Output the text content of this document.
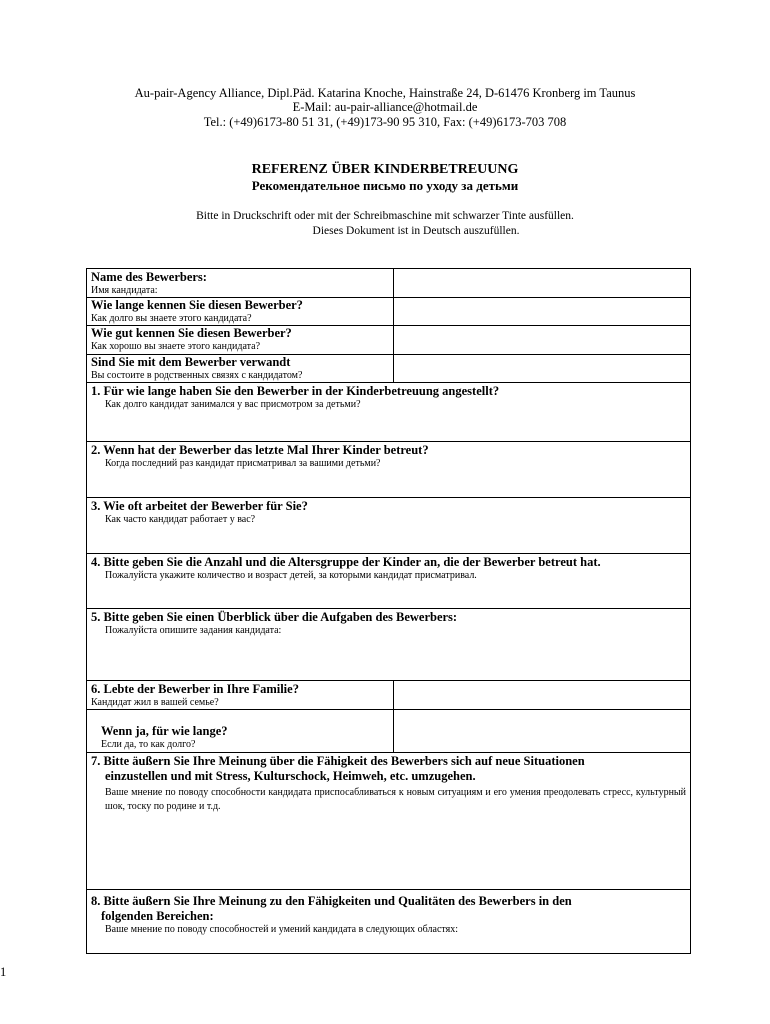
Au-pair-Agency Alliance, Dipl.Päd. Katarina Knoche, Hainstraße 24, D-61476 Kronberg im Taunus
E-Mail: au-pair-alliance@hotmail.de
Tel.: (+49)6173-80 51 31, (+49)173-90 95 310, Fax: (+49)6173-703 708
REFERENZ ÜBER KINDERBETREUUNG
Рекомендательное письмо по уходу за детьми
Bitte in Druckschrift oder mit der Schreibmaschine mit schwarzer Tinte ausfüllen.
Dieses Dokument ist in Deutsch auszufüllen.
Name des Bewerbers:
Имя кандидата:
Wie lange kennen Sie diesen Bewerber?
Как долго вы знаете этого кандидата?
Wie gut kennen Sie diesen Bewerber?
Как хорошо вы знаете этого кандидата?
Sind Sie mit dem Bewerber verwandt
Вы состоите в родственных связях с кандидатом?
1. Für wie lange haben Sie den Bewerber in der Kinderbetreuung angestellt?
Как долго кандидат занимался у вас присмотром за детьми?
2. Wenn hat der Bewerber das letzte Mal Ihrer Kinder betreut?
Когда последний раз кандидат присматривал за вашими детьми?
3. Wie oft arbeitet der Bewerber für Sie?
Как часто кандидат работает у вас?
4. Bitte geben Sie die Anzahl und die Altersgruppe der Kinder an, die der Bewerber betreut hat.
Пожалуйста укажите количество и возраст детей, за которыми кандидат присматривал.
5. Bitte geben Sie einen Überblick über die Aufgaben des Bewerbers:
Пожалуйста опишите задания кандидата:
6. Lebte der Bewerber in Ihre Familie?
Кандидат жил в вашей семье?
Wenn ja, für wie lange?
Если да, то как долго?
7. Bitte äußern Sie Ihre Meinung über die Fähigkeit des Bewerbers sich auf neue Situationen
einzustellen und mit Stress, Kulturschock, Heimweh, etc. umzugehen.
Ваше мнение по поводу способности кандидата приспосабливаться к новым ситуациям и его умения преодолевать стресс, культурный шок, тоску по родине и т.д.
8. Bitte äußern Sie Ihre Meinung zu den Fähigkeiten und Qualitäten des Bewerbers in den
folgenden Bereichen:
Ваше мнение по поводу способностей и умений кандидата в следующих областях:
1
